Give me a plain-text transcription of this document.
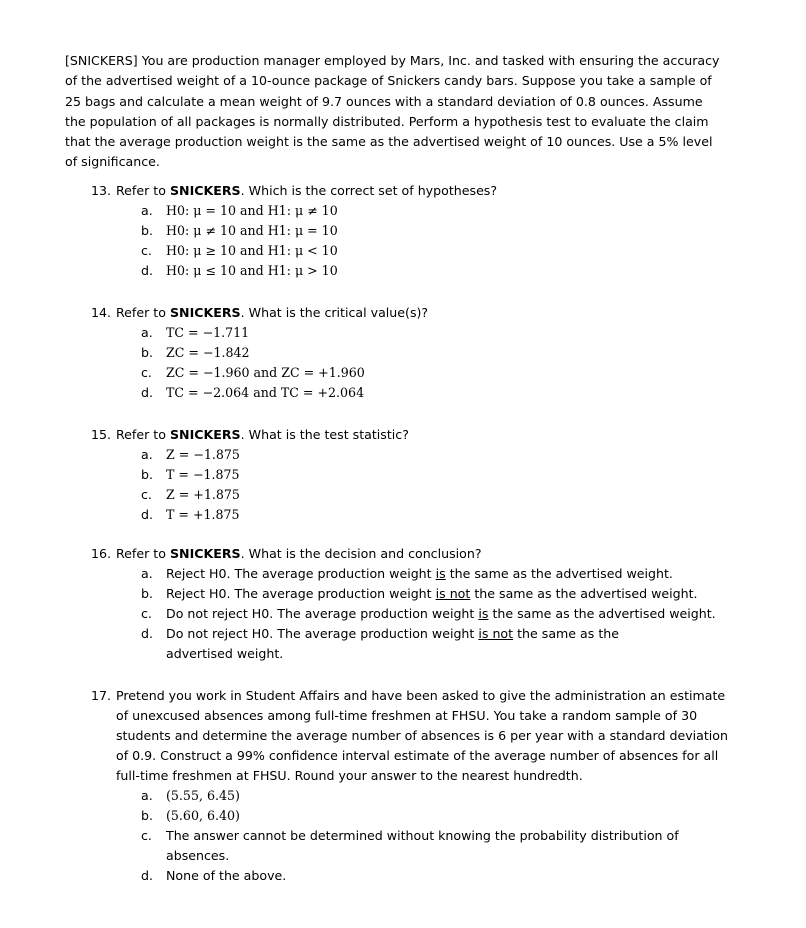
[SNICKERS] You are production manager employed by Mars, Inc. and tasked with ensuring the accuracy of the advertised weight of a 10-ounce package of Snickers candy bars. Suppose you take a sample of 25 bags and calculate a mean weight of 9.7 ounces with a standard deviation of 0.8 ounces. Assume the population of all packages is normally distributed. Perform a hypothesis test to evaluate the claim that the average production weight is the same as the advertised weight of 10 ounces. Use a 5% level of significance.

13. Refer to SNICKERS. Which is the correct set of hypotheses?
a.	H0: μ = 10 and H1: μ ≠ 10
b.	H0: μ ≠ 10 and H1: μ = 10
c.	H0: μ ≥ 10 and H1: μ < 10
d.	H0: μ ≤ 10 and H1: μ > 10
14. Refer to SNICKERS. What is the critical value(s)?
a.	TC = −1.711
b.	ZC = −1.842
c.	ZC = −1.960 and ZC = +1.960
d.	TC = −2.064 and TC = +2.064
15. Refer to SNICKERS. What is the test statistic?
a.	Z = −1.875
b.	T = −1.875
c.	Z = +1.875
d.	T = +1.875
16. Refer to SNICKERS. What is the decision and conclusion?
a.	Reject H0. The average production weight is the same as the advertised weight.
b.	Reject H0. The average production weight is not the same as the advertised weight.
c.	Do not reject H0. The average production weight is the same as the advertised weight.
d.	Do not reject H0. The average production weight is not the same as the advertised weight.
17. Pretend you work in Student Affairs and have been asked to give the administration an estimate of unexcused absences among full-time freshmen at FHSU. You take a random sample of 30 students and determine the average number of absences is 6 per year with a standard deviation of 0.9. Construct a 99% confidence interval estimate of the average number of absences for all full-time freshmen at FHSU. Round your answer to the nearest hundredth.
a.	(5.55, 6.45)
b.	(5.60, 6.40)
c.	The answer cannot be determined without knowing the probability distribution of absences.
d.	None of the above.
